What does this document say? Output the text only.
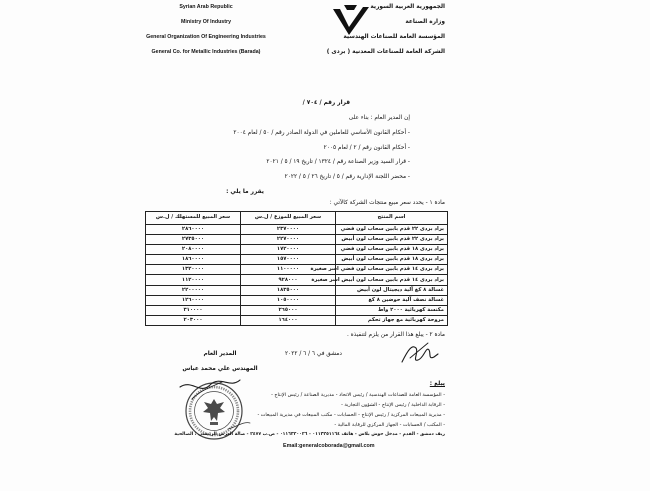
Syrian Arab Republic
Ministry Of Industry
General Organization Of Engineering Industries
General Co. for Metallic Industries (Barada)
الجمهورية العربية السورية
وزارة الصناعة
المؤسسة العامة للصناعات الهندسية
الشركة العامة للصناعات المعدنية ( بردى )
قرار رقم / ٧٠٤ /
إن المدير العام : بناء على
- أحكام القانون الأساسي للعاملين في الدولة الصادر رقم / ٥٠ / لعام ٢٠٠٤
- أحكام القانون رقم / ٢ / لعام ٢٠٠٥
- قرار السيد وزير الصناعة رقم / ١٣٢٤ / تاريخ ١٩ / ٥ / ٢٠٢١
- محضر اللجنة الإدارية رقم / ٥ / تاريخ ٢٦ / ٥ / ٢٠٢٢
يقرر ما يلي :
مادة ١ - يحدد سعر مبيع منتجات الشركة كالآتي :
اسم المنتج	سعر المبيع للموزع / ل.س	سعر المبيع للمستهلك / ل.س
براد بردى ٢٢ قدم بابين سحاب لون فضي	٢٣٧٠٠٠٠	٢٨٦٠٠٠٠
براد بردى ٢٢ قدم بابين سحاب لون أبيض	٢٢٧٠٠٠٠	٢٧٣٥٠٠٠
براد بردى ١٨ قدم بابين سحاب لون فضي	١٧٢٠٠٠٠	٢٠٨٠٠٠٠
براد بردى ١٨ قدم بابين سحاب لون أبيض	١٥٧٠٠٠٠	١٨٦٠٠٠٠
براد بردى ١٤ قدم بابين سحاب لون فضي اسر صغيرة	١١٠٠٠٠٠	١٣٢٠٠٠٠
براد بردى ١٤ قدم بابين سحاب لون أبيض اسر صغيرة	٩٢٨٠٠٠	١١٢٠٠٠٠
غسالة ٨ كغ آلية ديجيتال لون أبيض	١٨٣٥٠٠٠	٢٢٠٠٠٠٠
غسالة نصف آلية حوضين ٨ كغ	١٠٥٠٠٠٠	١٢٦٠٠٠٠
مكنسة كهربائية ٢٠٠٠ واط	٢٦٥٠٠٠	٣١٠٠٠٠
مروحة كهربائية مع جهاز تحكم	١٦٤٠٠٠	٢٠٣٠٠٠
مادة ٢ - يبلغ هذا القرار من يلزم لتنفيذه .
دمشق في ٦ / ٦ / ٢٠٢٢
المدير العام
المهندس علي محمد عباس
يبلغ :
- المؤسسة العامة للصناعات الهندسية / رئيس الاتحاد - مديرية الصناعة / رئيس الإنتاج -
- الرقابة الداخلية / رئيس الإنتاج - الشؤون التجارية -
- مديرية المبيعات المركزية / رئيس الإنتاج - الحسابات - مكتب المبيعات في مديرية المبيعات -
- المكتب / الحسابات - الجهاز المركزي للرقابة المالية -
ريف دمشق - القدم - مدخل حوش بلاس - هاتف ٠١١٣٢٥١١٦٤ - ٠١١٦٣٢٠٠٢٦ - ص.ب ٢٤٧٧ - صالة العرض الرئيسي : الصالحية
Email:generalcoborada@gmail.com
